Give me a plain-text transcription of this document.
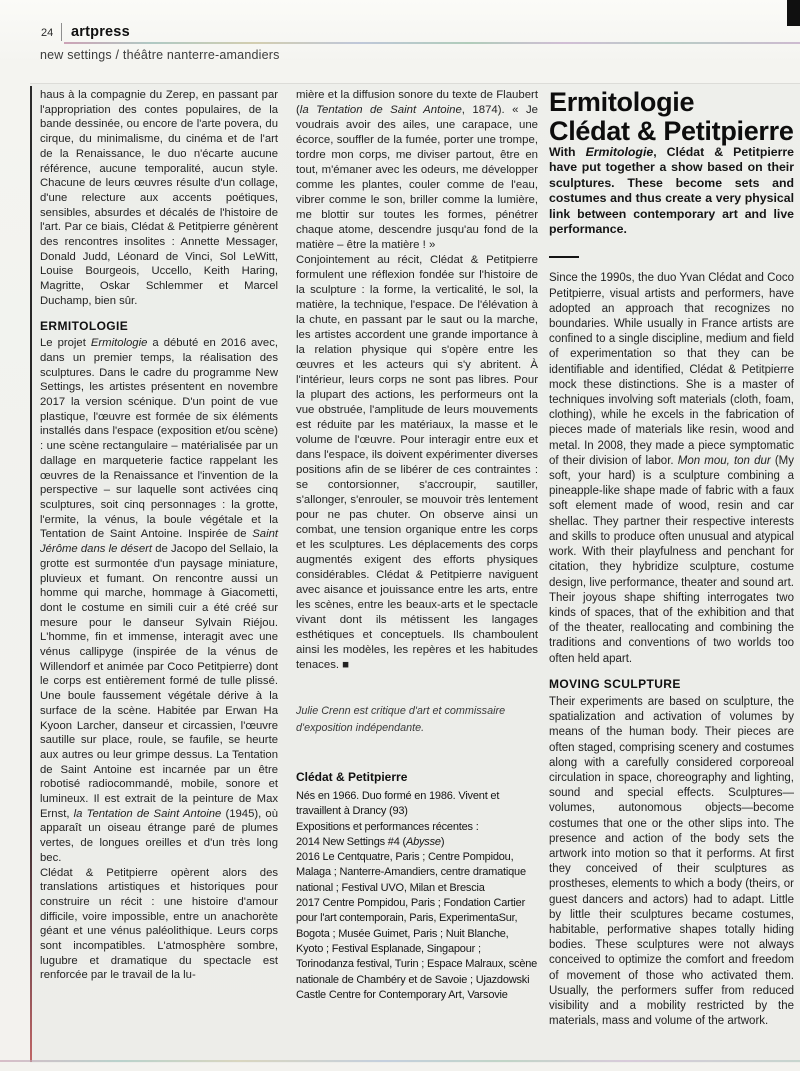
24 artpress
new settings / théâtre nanterre-amandiers

haus à la compagnie du Zerep, en passant par l'appropriation des contes populaires, de la bande dessinée, ou encore de l'arte povera, du cirque, du minimalisme, du cinéma et de l'art de la Renaissance, le duo n'écarte aucune référence, aucune temporalité, aucun style. Chacune de leurs œuvres résulte d'un collage, d'une relecture aux accents poétiques, sensibles, absurdes et décalés de l'histoire de l'art. Par ce biais, Clédat & Petitpierre génèrent des rencontres insolites : Annette Messager, Donald Judd, Léonard de Vinci, Sol LeWitt, Louise Bourgeois, Uccello, Keith Haring, Magritte, Oskar Schlemmer et Marcel Duchamp, bien sûr.

ERMITOLOGIE

Le projet Ermitologie a débuté en 2016 avec, dans un premier temps, la réalisation des sculptures. Dans le cadre du programme New Settings, les artistes présentent en novembre 2017 la version scénique. D'un point de vue plastique, l'œuvre est formée de six éléments installés dans l'espace (exposition et/ou scène) : une scène rectangulaire – matérialisée par un dallage en marqueterie factice rappelant les œuvres de la Renaissance et l'invention de la perspective – sur laquelle sont activées cinq sculptures, soit cinq personnages : la grotte, l'ermite, la vénus, la boule végétale et la Tentation de Saint Antoine. Inspirée de Saint Jérôme dans le désert de Jacopo del Sellaio, la grotte est surmontée d'un paysage miniature, pluvieux et fumant. On rencontre aussi un homme qui marche, hommage à Giacometti, dont le costume en simili cuir a été créé sur mesure pour le danseur Sylvain Riéjou. L'homme, fin et immense, interagit avec une vénus callipyge (inspirée de la vénus de Willendorf et animée par Coco Petitpierre) dont le corps est entièrement formé de tulle plissé. Une boule faussement végétale dérive à la surface de la scène. Habitée par Erwan Ha Kyoon Larcher, danseur et circassien, l'œuvre sautille sur place, roule, se faufile, se heurte aux autres ou leur grimpe dessus. La Tentation de Saint Antoine est incarnée par un être robotisé radiocommandé, mobile, sonore et lumineux. Il est extrait de la peinture de Max Ernst, la Tentation de Saint Antoine (1945), où apparaît un oiseau étrange paré de plumes vertes, de longues oreilles et d'un très long bec.

Clédat & Petitpierre opèrent alors des translations artistiques et historiques pour construire un récit : une histoire d'amour difficile, voire impossible, entre un anachorète géant et une vénus paléolithique. Leurs corps sont incompatibles. L'atmosphère sombre, lugubre et dramatique du spectacle est renforcée par le travail de la lu-

mière et la diffusion sonore du texte de Flaubert (la Tentation de Saint Antoine, 1874). « Je voudrais avoir des ailes, une carapace, une écorce, souffler de la fumée, porter une trompe, tordre mon corps, me diviser partout, être en tout, m'émaner avec les odeurs, me développer comme les plantes, couler comme de l'eau, vibrer comme le son, briller comme la lumière, me blottir sur toutes les formes, pénétrer chaque atome, descendre jusqu'au fond de la matière – être la matière ! »

Conjointement au récit, Clédat & Petitpierre formulent une réflexion fondée sur l'histoire de la sculpture : la forme, la verticalité, le sol, la matière, la technique, l'espace. De l'élévation à la chute, en passant par le saut ou la marche, les artistes accordent une grande importance à la relation physique qui s'opère entre les œuvres et les acteurs qui s'y abritent. À l'intérieur, leurs corps ne sont pas libres. Pour la plupart des actions, les performeurs ont la vue obstruée, l'amplitude de leurs mouvements est réduite par les matériaux, la masse et le volume de l'œuvre. Pour interagir entre eux et dans l'espace, ils doivent expérimenter diverses positions afin de se libérer de ces contraintes : se contorsionner, s'accroupir, sautiller, s'allonger, s'enrouler, se mouvoir très lentement pour ne pas chuter. On observe ainsi un combat, une tension organique entre les corps et les sculptures. Les déplacements des corps augmentés exigent des efforts physiques considérables. Clédat & Petitpierre naviguent avec aisance et jouissance entre les arts, entre les scènes, entre les beaux-arts et le spectacle vivant dont ils métissent les langages esthétiques et conceptuels. Ils chamboulent ainsi les modèles, les repères et les habitudes tenaces. ■

Julie Crenn est critique d'art et commissaire d'exposition indépendante.
Clédat & Petitpierre
Nés en 1966. Duo formé en 1986. Vivent et travaillent à Drancy (93)
Expositions et performances récentes :
2014 New Settings #4 (Abysse)
2016 Le Centquatre, Paris ; Centre Pompidou, Malaga ; Nanterre-Amandiers, centre dramatique national ; Festival UVO, Milan et Brescia
2017 Centre Pompidou, Paris ; Fondation Cartier pour l'art contemporain, Paris, ExperimentaSur, Bogota ; Musée Guimet, Paris ; Nuit Blanche, Kyoto ; Festival Esplanade, Singapour ; Torinodanza festival, Turin ; Espace Malraux, scène nationale de Chambéry et de Savoie ; Ujazdowski Castle Centre for Contemporary Art, Varsovie
Ermitologie
Clédat & Petitpierre

With Ermitologie, Clédat & Petitpierre have put together a show based on their sculptures. These become sets and costumes and thus create a very physical link between contemporary art and live performance.

Since the 1990s, the duo Yvan Clédat and Coco Petitpierre, visual artists and performers, have adopted an approach that recognizes no boundaries. While usually in France artists are confined to a single discipline, medium and field of experimentation so that they can be identifiable and identified, Clédat & Petitpierre mock these distinctions. She is a master of techniques involving soft materials (cloth, foam, clothing), while he excels in the fabrication of pieces made of materials like resin, wood and metal. In 2008, they made a piece symptomatic of their division of labor. Mon mou, ton dur (My soft, your hard) is a sculpture combining a pineapple-like shape made of fabric with a faux soft element made of wood, resin and car shellac. They partner their respective interests and skills to produce often unusual and atypical work. With their playfulness and penchant for citation, they hybridize sculpture, costume design, live performance, theater and sound art. Their joyous shape shifting interrogates two kinds of spaces, that of the exhibition and that of the theater, reallocating and combining the traditions and conventions of two worlds too often held apart.

MOVING SCULPTURE

Their experiments are based on sculpture, the spatialization and activation of volumes by means of the human body. Their pieces are often staged, comprising scenery and costumes along with a carefully considered corporeoal circulation in space, choreography and lighting, sound and special effects. Sculptures—volumes, autonomous objects—become costumes that one or the other slips into. The presence and action of the body sets the artwork into motion so that it performs. At first they conceived of their sculptures as prostheses, elements to which a body (theirs, or guest dancers and actors) had to adapt. Little by little their sculptures became costumes, habitable, performative shapes totally hiding bodies. These sculptures were not always conceived to optimize the comfort and freedom of movement of those who activated them. Usually, the performers suffer from reduced visibility and a mobility restricted by the materials, mass and volume of the artwork.
